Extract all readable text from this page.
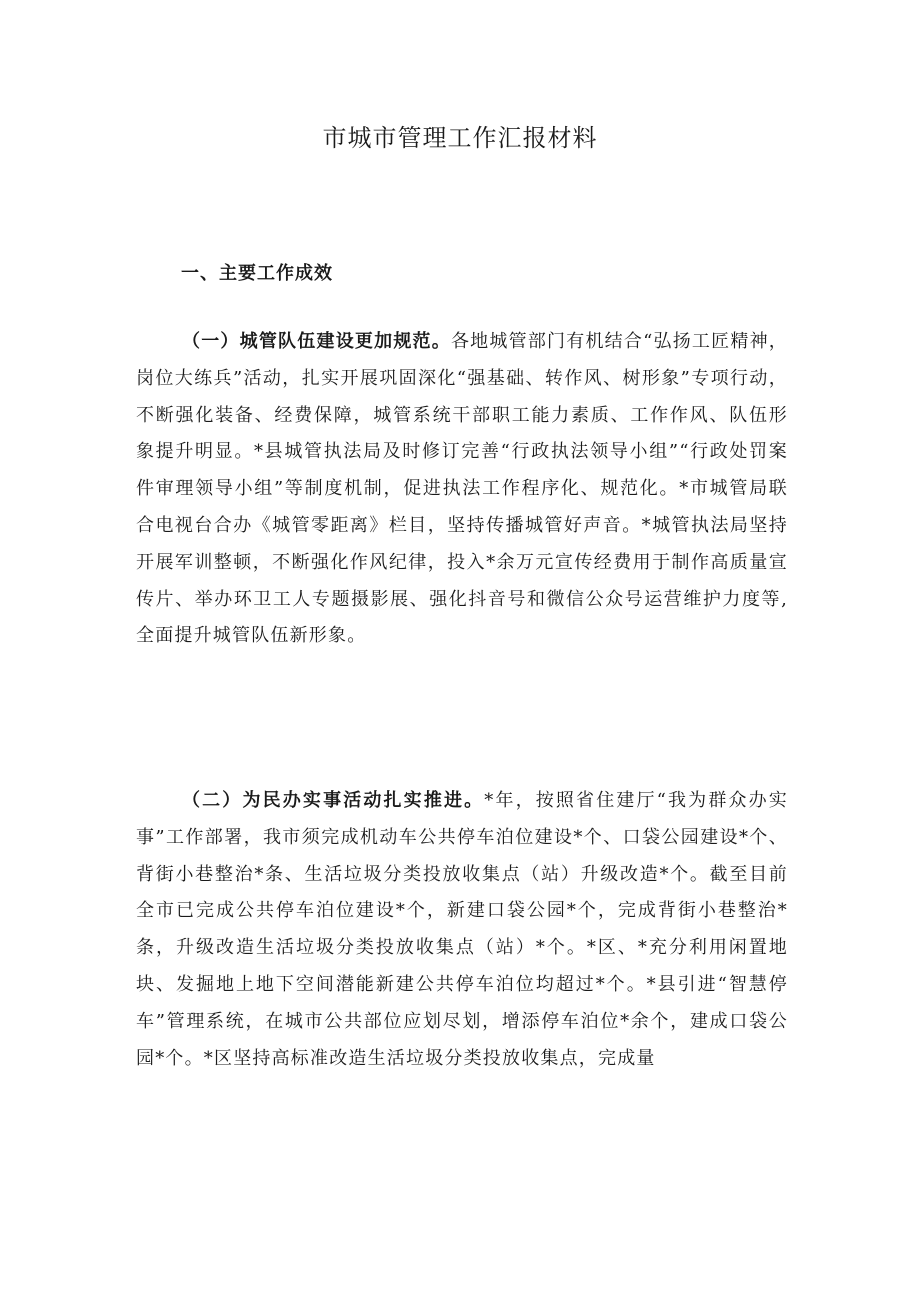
市城市管理工作汇报材料
一、主要工作成效

（一）城管队伍建设更加规范。各地城管部门有机结合“弘扬工匠精神，岗位大练兵”活动，扎实开展巩固深化“强基础、转作风、树形象”专项行动，不断强化装备、经费保障，城管系统干部职工能力素质、工作作风、队伍形象提升明显。*县城管执法局及时修订完善“行政执法领导小组”“行政处罚案件审理领导小组”等制度机制，促进执法工作程序化、规范化。*市城管局联合电视台合办《城管零距离》栏目，坚持传播城管好声音。*城管执法局坚持开展军训整顿，不断强化作风纪律，投入*余万元宣传经费用于制作高质量宣传片、举办环卫工人专题摄影展、强化抖音号和微信公众号运营维护力度等,全面提升城管队伍新形象。

（二）为民办实事活动扎实推进。*年，按照省住建厅“我为群众办实事”工作部署，我市须完成机动车公共停车泊位建设*个、口袋公园建设*个、背街小巷整治*条、生活垃圾分类投放收集点（站）升级改造*个。截至目前全市已完成公共停车泊位建设*个，新建口袋公园*个，完成背街小巷整治*条，升级改造生活垃圾分类投放收集点（站）*个。*区、*充分利用闲置地块、发掘地上地下空间潜能新建公共停车泊位均超过*个。*县引进“智慧停车”管理系统，在城市公共部位应划尽划，增添停车泊位*余个，建成口袋公园*个。*区坚持高标准改造生活垃圾分类投放收集点，完成量
